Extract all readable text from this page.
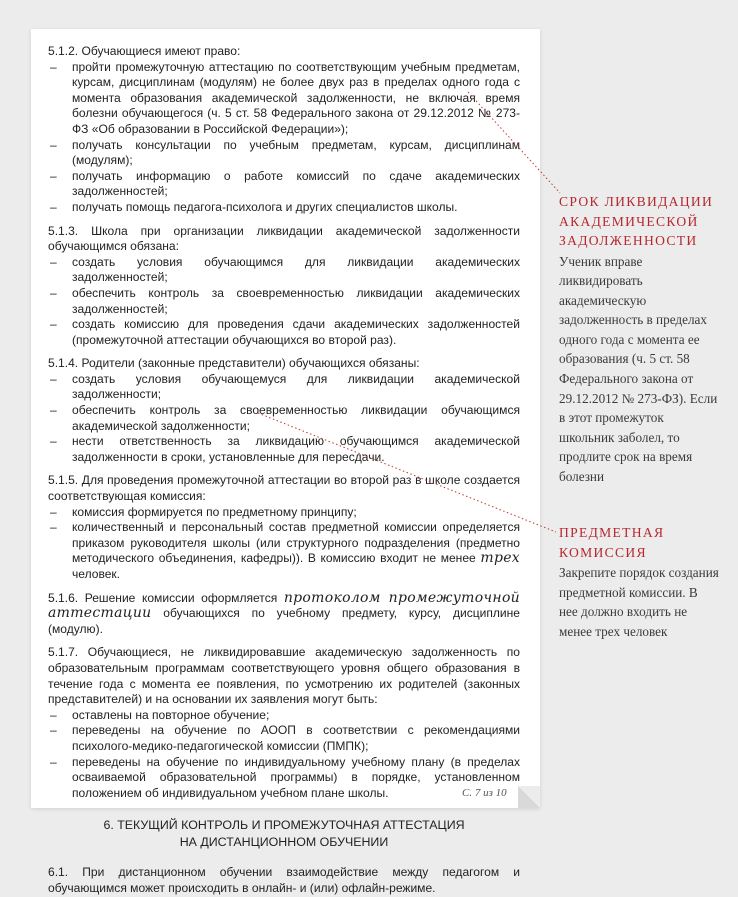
5.1.2. Обучающиеся имеют право:
– пройти промежуточную аттестацию по соответствующим учебным предметам, курсам, дисциплинам (модулям) не более двух раз в пределах одного года с момента образования академической задолженности, не включая время болезни обучающегося (ч. 5 ст. 58 Федерального закона от 29.12.2012 № 273-ФЗ «Об образовании в Российской Федерации»);
– получать консультации по учебным предметам, курсам, дисциплинам (модулям);
– получать информацию о работе комиссий по сдаче академических задолженностей;
– получать помощь педагога-психолога и других специалистов школы.
5.1.3. Школа при организации ликвидации академической задолженности обучающимся обязана:
– создать условия обучающимся для ликвидации академических задолженностей;
– обеспечить контроль за своевременностью ликвидации академических задолженностей;
– создать комиссию для проведения сдачи академических задолженностей (промежуточной аттестации обучающихся во второй раз).
5.1.4. Родители (законные представители) обучающихся обязаны:
– создать условия обучающемуся для ликвидации академической задолженности;
– обеспечить контроль за своевременностью ликвидации обучающимся академической задолженности;
– нести ответственность за ликвидацию обучающимся академической задолженности в сроки, установленные для пересдачи.
5.1.5. Для проведения промежуточной аттестации во второй раз в школе создается соответствующая комиссия:
– комиссия формируется по предметному принципу;
– количественный и персональный состав предметной комиссии определяется приказом руководителя школы (или структурного подразделения (предметно методического объединения, кафедры)). В комиссию входит не менее трех человек.
5.1.6. Решение комиссии оформляется протоколом промежуточной аттестации обучающихся по учебному предмету, курсу, дисциплине (модулю).
5.1.7. Обучающиеся, не ликвидировавшие академическую задолженность по образовательным программам соответствующего уровня общего образования в течение года с момента ее появления, по усмотрению их родителей (законных представителей) и на основании их заявления могут быть:
– оставлены на повторное обучение;
– переведены на обучение по АООП в соответствии с рекомендациями психолого-медико-педагогической комиссии (ПМПК);
– переведены на обучение по индивидуальному учебному плану (в пределах осваиваемой образовательной программы) в порядке, установленном положением об индивидуальном учебном плане школы.
6. ТЕКУЩИЙ КОНТРОЛЬ И ПРОМЕЖУТОЧНАЯ АТТЕСТАЦИЯ
НА ДИСТАНЦИОННОМ ОБУЧЕНИИ
6.1. При дистанционном обучении взаимодействие между педагогом и обучающимся может происходить в онлайн- и (или) офлайн-режиме.
С. 7 из 10
СРОК ЛИКВИДАЦИИ АКАДЕМИЧЕСКОЙ ЗАДОЛЖЕННОСТИ
Ученик вправе ликвидировать академическую задолженность в пределах одного года с момента ее образования (ч. 5 ст. 58 Федерального закона от 29.12.2012 № 273-ФЗ). Если в этот промежуток школьник заболел, то продлите срок на время болезни
ПРЕДМЕТНАЯ КОМИССИЯ
Закрепите порядок создания предметной комиссии. В нее должно входить не менее трех человек
